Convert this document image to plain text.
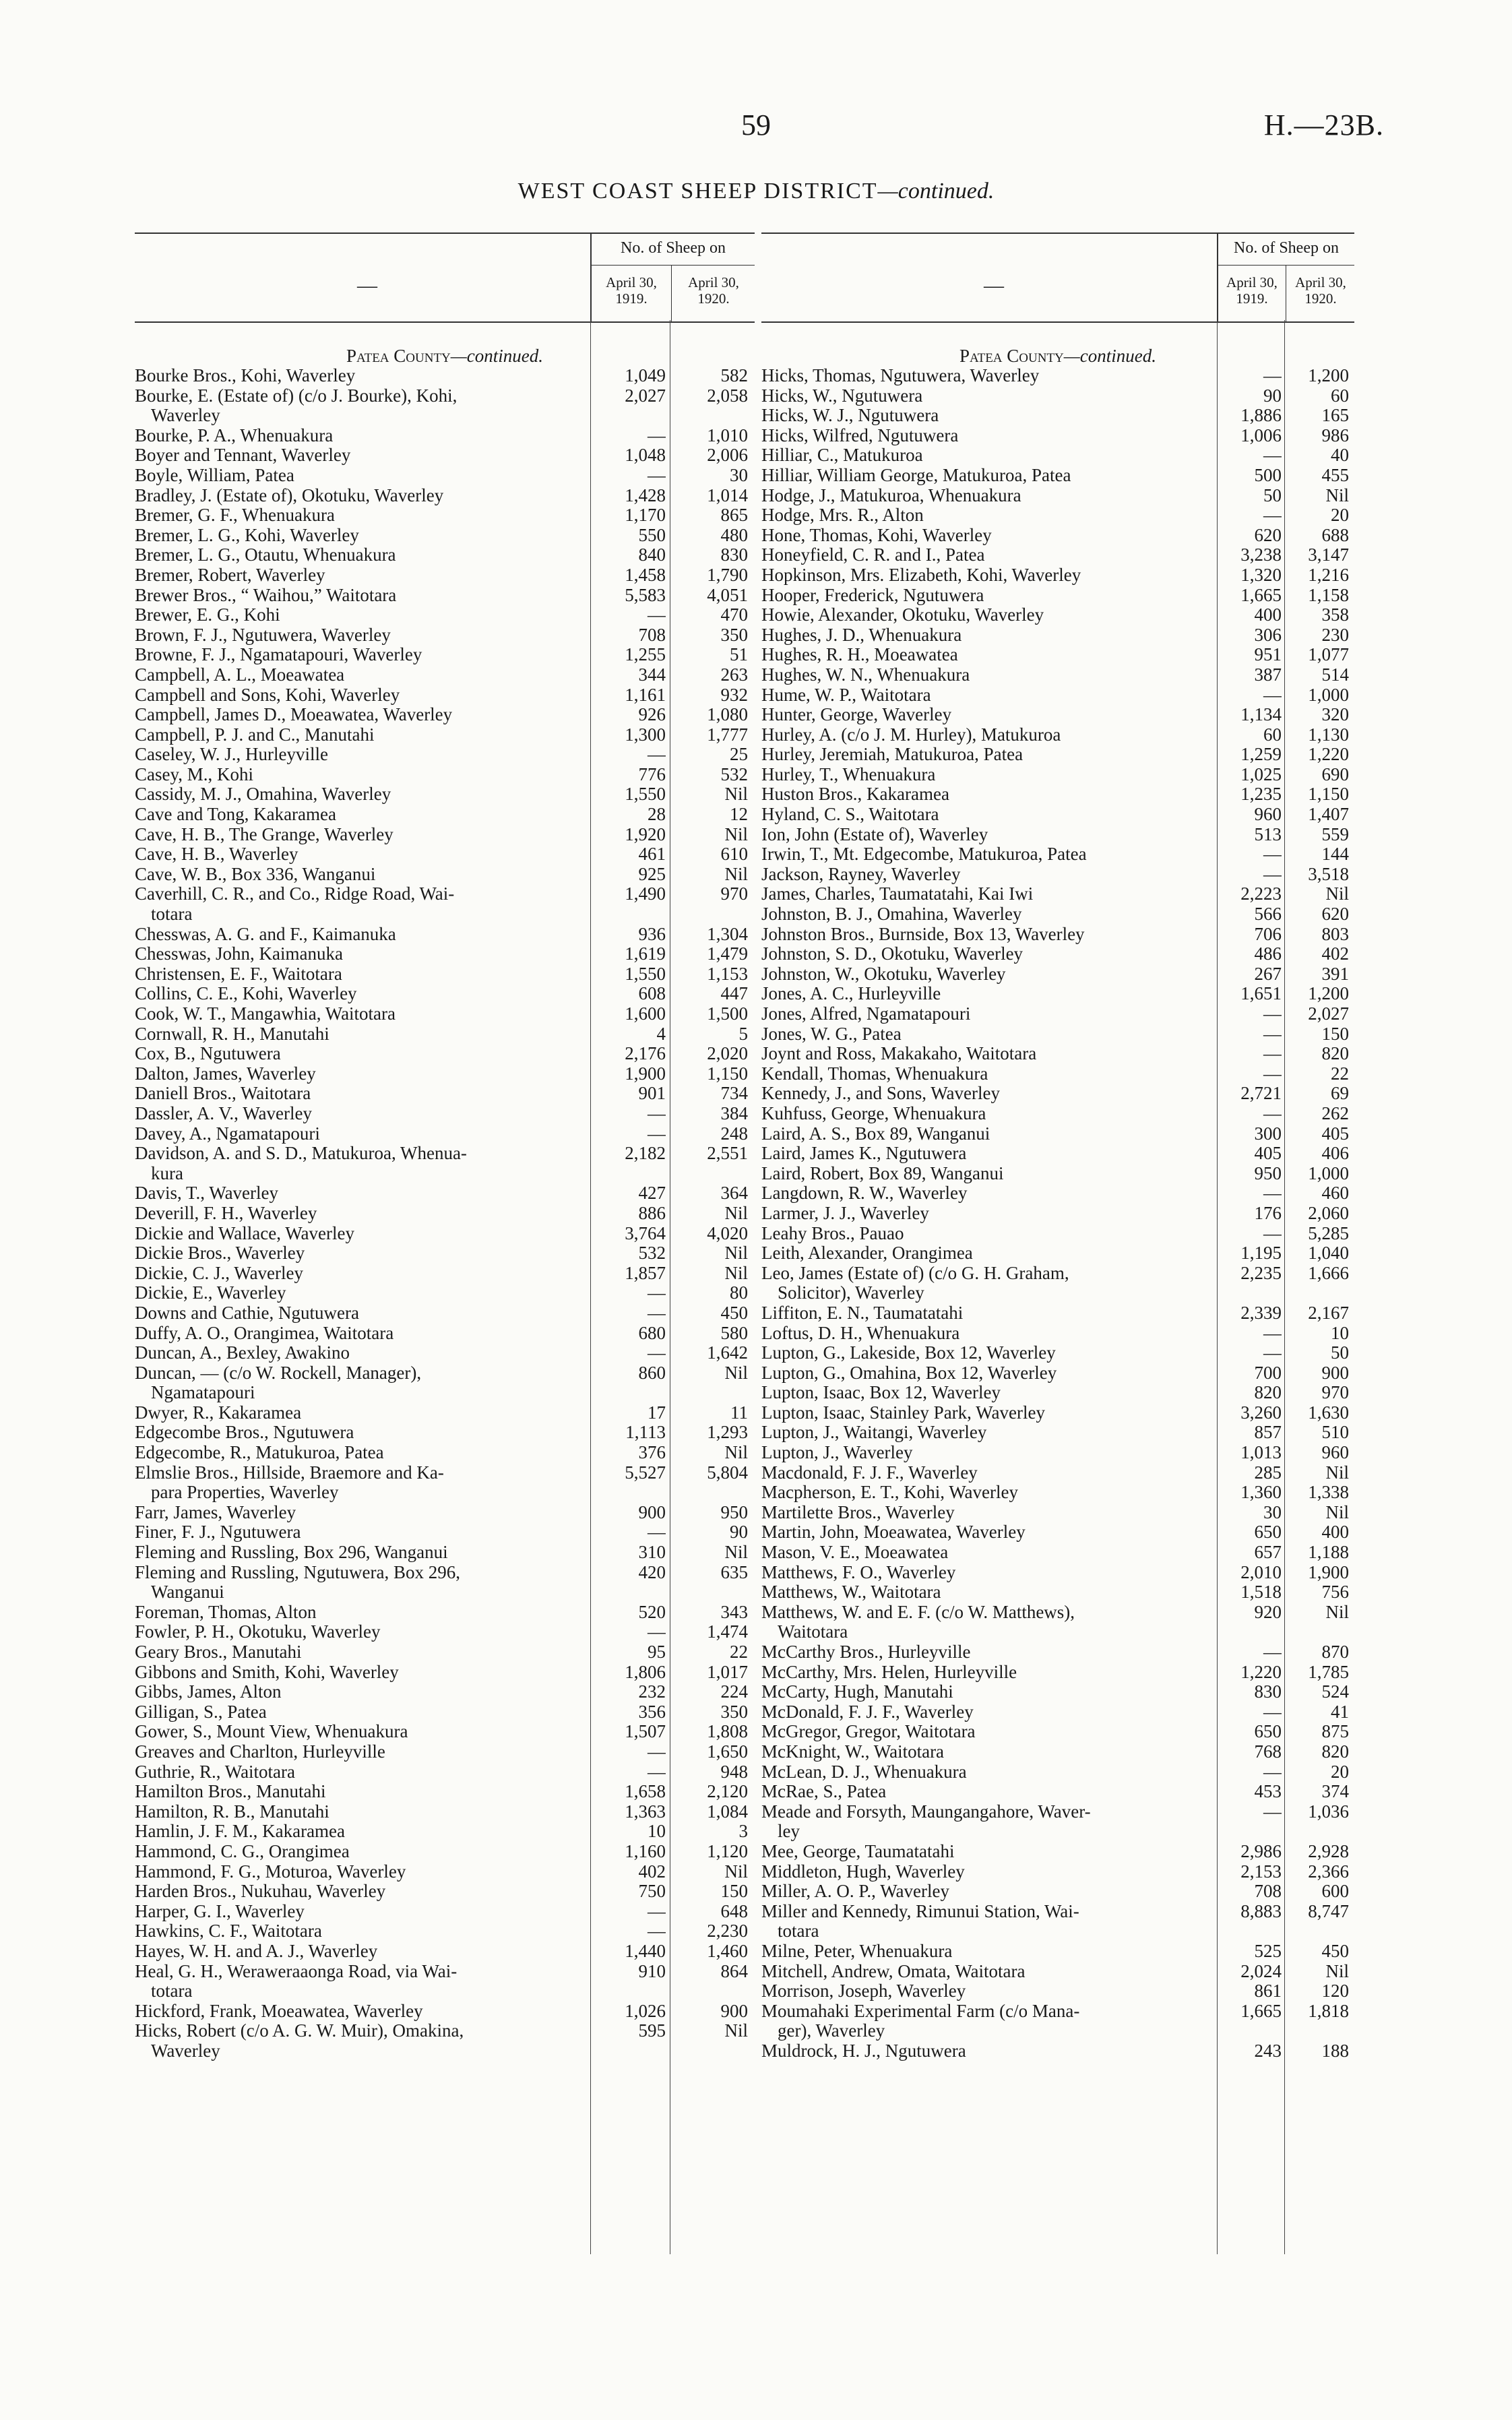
59	H.—23B.
WEST COAST SHEEP DISTRICT—continued.
—
No. of Sheep on
April 30, 1919.
April 30, 1920.
Patea County—continued.
Bourke Bros., Kohi, Waverley	1,049	582
Bourke, E. (Estate of) (c/o J. Bourke), Kohi,
Waverley
2,027	2,058
Bourke, P. A., Whenuakura	—	1,010
Boyer and Tennant, Waverley	1,048	2,006
Boyle, William, Patea	—	30
Bradley, J. (Estate of), Okotuku, Waverley	1,428	1,014
Bremer, G. F., Whenuakura	1,170	865
Bremer, L. G., Kohi, Waverley	550	480
Bremer, L. G., Otautu, Whenuakura	840	830
Bremer, Robert, Waverley	1,458	1,790
Brewer Bros., “ Waihou,” Waitotara	5,583	4,051
Brewer, E. G., Kohi	—	470
Brown, F. J., Ngutuwera, Waverley	708	350
Browne, F. J., Ngamatapouri, Waverley	1,255	51
Campbell, A. L., Moeawatea	344	263
Campbell and Sons, Kohi, Waverley	1,161	932
Campbell, James D., Moeawatea, Waverley	926	1,080
Campbell, P. J. and C., Manutahi	1,300	1,777
Caseley, W. J., Hurleyville	—	25
Casey, M., Kohi	776	532
Cassidy, M. J., Omahina, Waverley	1,550	Nil
Cave and Tong, Kakaramea	28	12
Cave, H. B., The Grange, Waverley	1,920	Nil
Cave, H. B., Waverley	461	610
Cave, W. B., Box 336, Wanganui	925	Nil
Caverhill, C. R., and Co., Ridge Road, Wai-
totara
1,490	970
Chesswas, A. G. and F., Kaimanuka	936	1,304
Chesswas, John, Kaimanuka	1,619	1,479
Christensen, E. F., Waitotara	1,550	1,153
Collins, C. E., Kohi, Waverley	608	447
Cook, W. T., Mangawhia, Waitotara	1,600	1,500
Cornwall, R. H., Manutahi	4	5
Cox, B., Ngutuwera	2,176	2,020
Dalton, James, Waverley	1,900	1,150
Daniell Bros., Waitotara	901	734
Dassler, A. V., Waverley	—	384
Davey, A., Ngamatapouri	—	248
Davidson, A. and S. D., Matukuroa, Whenua-
kura
2,182	2,551
Davis, T., Waverley	427	364
Deverill, F. H., Waverley	886	Nil
Dickie and Wallace, Waverley	3,764	4,020
Dickie Bros., Waverley	532	Nil
Dickie, C. J., Waverley	1,857	Nil
Dickie, E., Waverley	—	80
Downs and Cathie, Ngutuwera	—	450
Duffy, A. O., Orangimea, Waitotara	680	580
Duncan, A., Bexley, Awakino	—	1,642
Duncan, — (c/o W. Rockell, Manager),
Ngamatapouri
860	Nil
Dwyer, R., Kakaramea	17	11
Edgecombe Bros., Ngutuwera	1,113	1,293
Edgecombe, R., Matukuroa, Patea	376	Nil
Elmslie Bros., Hillside, Braemore and Ka-
para Properties, Waverley
5,527	5,804
Farr, James, Waverley	900	950
Finer, F. J., Ngutuwera	—	90
Fleming and Russling, Box 296, Wanganui	310	Nil
Fleming and Russling, Ngutuwera, Box 296,
Wanganui
420	635
Foreman, Thomas, Alton	520	343
Fowler, P. H., Okotuku, Waverley	—	1,474
Geary Bros., Manutahi	95	22
Gibbons and Smith, Kohi, Waverley	1,806	1,017
Gibbs, James, Alton	232	224
Gilligan, S., Patea	356	350
Gower, S., Mount View, Whenuakura	1,507	1,808
Greaves and Charlton, Hurleyville	—	1,650
Guthrie, R., Waitotara	—	948
Hamilton Bros., Manutahi	1,658	2,120
Hamilton, R. B., Manutahi	1,363	1,084
Hamlin, J. F. M., Kakaramea	10	3
Hammond, C. G., Orangimea	1,160	1,120
Hammond, F. G., Moturoa, Waverley	402	Nil
Harden Bros., Nukuhau, Waverley	750	150
Harper, G. I., Waverley	—	648
Hawkins, C. F., Waitotara	—	2,230
Hayes, W. H. and A. J., Waverley	1,440	1,460
Heal, G. H., Weraweraaonga Road, via Wai-
totara
910	864
Hickford, Frank, Moeawatea, Waverley	1,026	900
Hicks, Robert (c/o A. G. W. Muir), Omakina,
Waverley
595	Nil
—
No. of Sheep on
April 30, 1919.
April 30, 1920.
Patea County—continued.
Hicks, Thomas, Ngutuwera, Waverley	—	1,200
Hicks, W., Ngutuwera	90	60
Hicks, W. J., Ngutuwera	1,886	165
Hicks, Wilfred, Ngutuwera	1,006	986
Hilliar, C., Matukuroa	—	40
Hilliar, William George, Matukuroa, Patea	500	455
Hodge, J., Matukuroa, Whenuakura	50	Nil
Hodge, Mrs. R., Alton	—	20
Hone, Thomas, Kohi, Waverley	620	688
Honeyfield, C. R. and I., Patea	3,238	3,147
Hopkinson, Mrs. Elizabeth, Kohi, Waverley	1,320	1,216
Hooper, Frederick, Ngutuwera	1,665	1,158
Howie, Alexander, Okotuku, Waverley	400	358
Hughes, J. D., Whenuakura	306	230
Hughes, R. H., Moeawatea	951	1,077
Hughes, W. N., Whenuakura	387	514
Hume, W. P., Waitotara	—	1,000
Hunter, George, Waverley	1,134	320
Hurley, A. (c/o J. M. Hurley), Matukuroa	60	1,130
Hurley, Jeremiah, Matukuroa, Patea	1,259	1,220
Hurley, T., Whenuakura	1,025	690
Huston Bros., Kakaramea	1,235	1,150
Hyland, C. S., Waitotara	960	1,407
Ion, John (Estate of), Waverley	513	559
Irwin, T., Mt. Edgecombe, Matukuroa, Patea	—	144
Jackson, Rayney, Waverley	—	3,518
James, Charles, Taumatatahi, Kai Iwi	2,223	Nil
Johnston, B. J., Omahina, Waverley	566	620
Johnston Bros., Burnside, Box 13, Waverley	706	803
Johnston, S. D., Okotuku, Waverley	486	402
Johnston, W., Okotuku, Waverley	267	391
Jones, A. C., Hurleyville	1,651	1,200
Jones, Alfred, Ngamatapouri	—	2,027
Jones, W. G., Patea	—	150
Joynt and Ross, Makakaho, Waitotara	—	820
Kendall, Thomas, Whenuakura	—	22
Kennedy, J., and Sons, Waverley	2,721	69
Kuhfuss, George, Whenuakura	—	262
Laird, A. S., Box 89, Wanganui	300	405
Laird, James K., Ngutuwera	405	406
Laird, Robert, Box 89, Wanganui	950	1,000
Langdown, R. W., Waverley	—	460
Larmer, J. J., Waverley	176	2,060
Leahy Bros., Pauao	—	5,285
Leith, Alexander, Orangimea	1,195	1,040
Leo, James (Estate of) (c/o G. H. Graham,
Solicitor), Waverley
2,235	1,666
Liffiton, E. N., Taumatatahi	2,339	2,167
Loftus, D. H., Whenuakura	—	10
Lupton, G., Lakeside, Box 12, Waverley	—	50
Lupton, G., Omahina, Box 12, Waverley	700	900
Lupton, Isaac, Box 12, Waverley	820	970
Lupton, Isaac, Stainley Park, Waverley	3,260	1,630
Lupton, J., Waitangi, Waverley	857	510
Lupton, J., Waverley	1,013	960
Macdonald, F. J. F., Waverley	285	Nil
Macpherson, E. T., Kohi, Waverley	1,360	1,338
Martilette Bros., Waverley	30	Nil
Martin, John, Moeawatea, Waverley	650	400
Mason, V. E., Moeawatea	657	1,188
Matthews, F. O., Waverley	2,010	1,900
Matthews, W., Waitotara	1,518	756
Matthews, W. and E. F. (c/o W. Matthews),
Waitotara
920	Nil
McCarthy Bros., Hurleyville	—	870
McCarthy, Mrs. Helen, Hurleyville	1,220	1,785
McCarty, Hugh, Manutahi	830	524
McDonald, F. J. F., Waverley	—	41
McGregor, Gregor, Waitotara	650	875
McKnight, W., Waitotara	768	820
McLean, D. J., Whenuakura	—	20
McRae, S., Patea	453	374
Meade and Forsyth, Maungangahore, Waver-
ley
—	1,036
Mee, George, Taumatatahi	2,986	2,928
Middleton, Hugh, Waverley	2,153	2,366
Miller, A. O. P., Waverley	708	600
Miller and Kennedy, Rimunui Station, Wai-
totara
8,883	8,747
Milne, Peter, Whenuakura	525	450
Mitchell, Andrew, Omata, Waitotara	2,024	Nil
Morrison, Joseph, Waverley	861	120
Moumahaki Experimental Farm (c/o Mana-
ger), Waverley
1,665	1,818
Muldrock, H. J., Ngutuwera	243	188
